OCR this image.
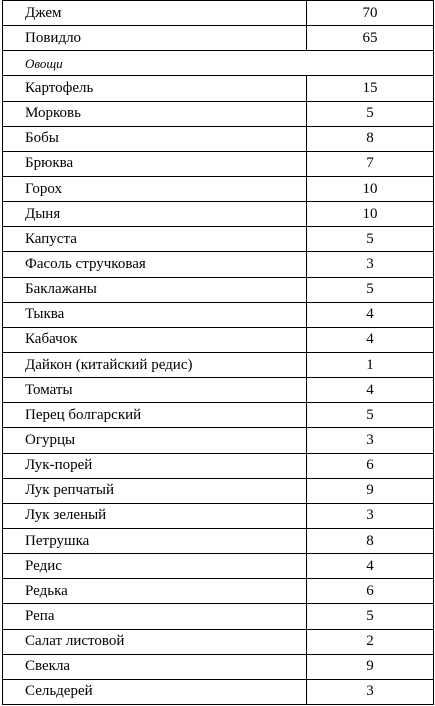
Джем	70
Повидло	65
Овощи	
Картофель	15
Морковь	5
Бобы	8
Брюква	7
Горох	10
Дыня	10
Капуста	5
Фасоль стручковая	3
Баклажаны	5
Тыква	4
Кабачок	4
Дайкон (китайский редис)	1
Томаты	4
Перец болгарский	5
Огурцы	3
Лук-порей	6
Лук репчатый	9
Лук зеленый	3
Петрушка	8
Редис	4
Редька	6
Репа	5
Салат листовой	2
Свекла	9
Сельдерей	3
